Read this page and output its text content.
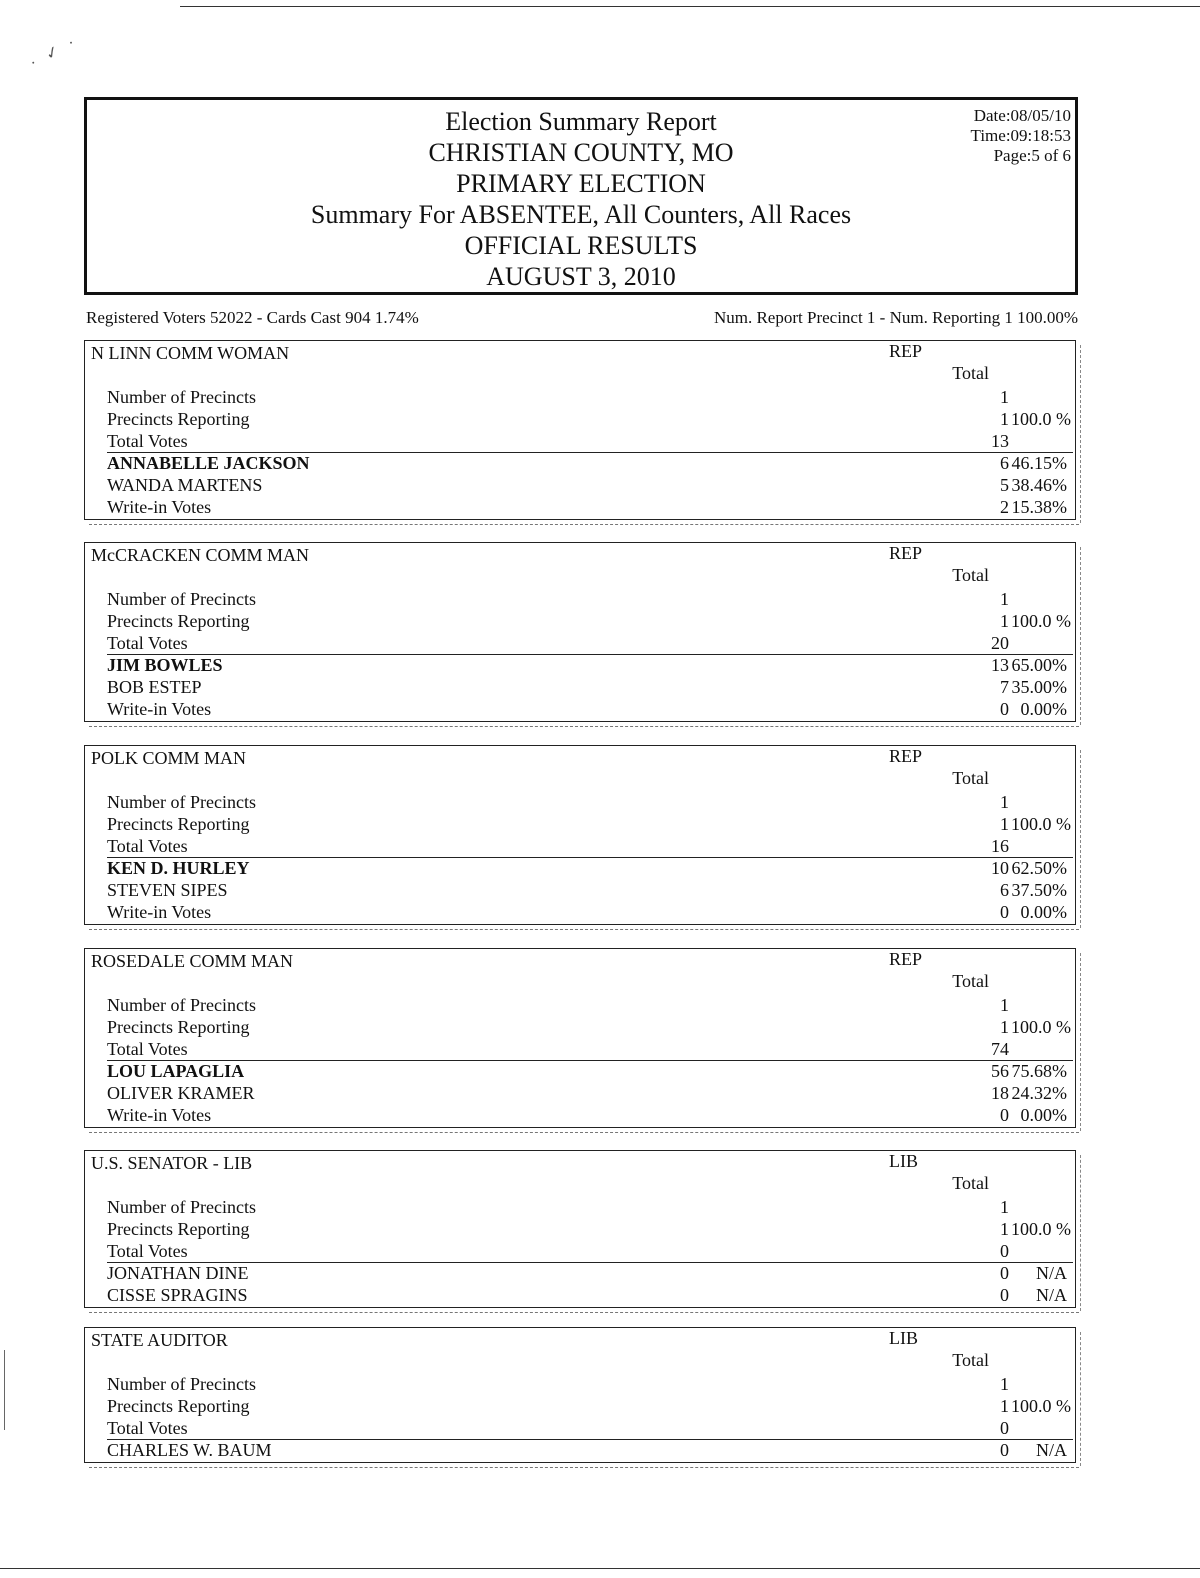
· ✓ ·
Election Summary Report
CHRISTIAN COUNTY, MO
PRIMARY ELECTION
Summary For ABSENTEE, All Counters, All Races
OFFICIAL RESULTS
AUGUST 3, 2010
Date:08/05/10
Time:09:18:53
Page:5 of 6
Registered Voters 52022 - Cards Cast 904 1.74%	Num. Report Precinct 1 - Num. Reporting 1 100.00%
N LINN COMM WOMAN	REP
Total
Number of Precincts	1
Precincts Reporting	1 100.0 %
Total Votes	13
ANNABELLE JACKSON	6 46.15%
WANDA MARTENS	5 38.46%
Write-in Votes	2 15.38%
McCRACKEN COMM MAN	REP
Total
Number of Precincts	1
Precincts Reporting	1 100.0 %
Total Votes	20
JIM BOWLES	13 65.00%
BOB ESTEP	7 35.00%
Write-in Votes	0 0.00%
POLK COMM MAN	REP
Total
Number of Precincts	1
Precincts Reporting	1 100.0 %
Total Votes	16
KEN D. HURLEY	10 62.50%
STEVEN SIPES	6 37.50%
Write-in Votes	0 0.00%
ROSEDALE COMM MAN	REP
Total
Number of Precincts	1
Precincts Reporting	1 100.0 %
Total Votes	74
LOU LAPAGLIA	56 75.68%
OLIVER KRAMER	18 24.32%
Write-in Votes	0 0.00%
U.S. SENATOR - LIB	LIB
Total
Number of Precincts	1
Precincts Reporting	1 100.0 %
Total Votes	0
JONATHAN DINE	0	N/A
CISSE SPRAGINS	0	N/A
STATE AUDITOR	LIB
Total
Number of Precincts	1
Precincts Reporting	1 100.0 %
Total Votes	0
CHARLES W. BAUM	0	N/A
